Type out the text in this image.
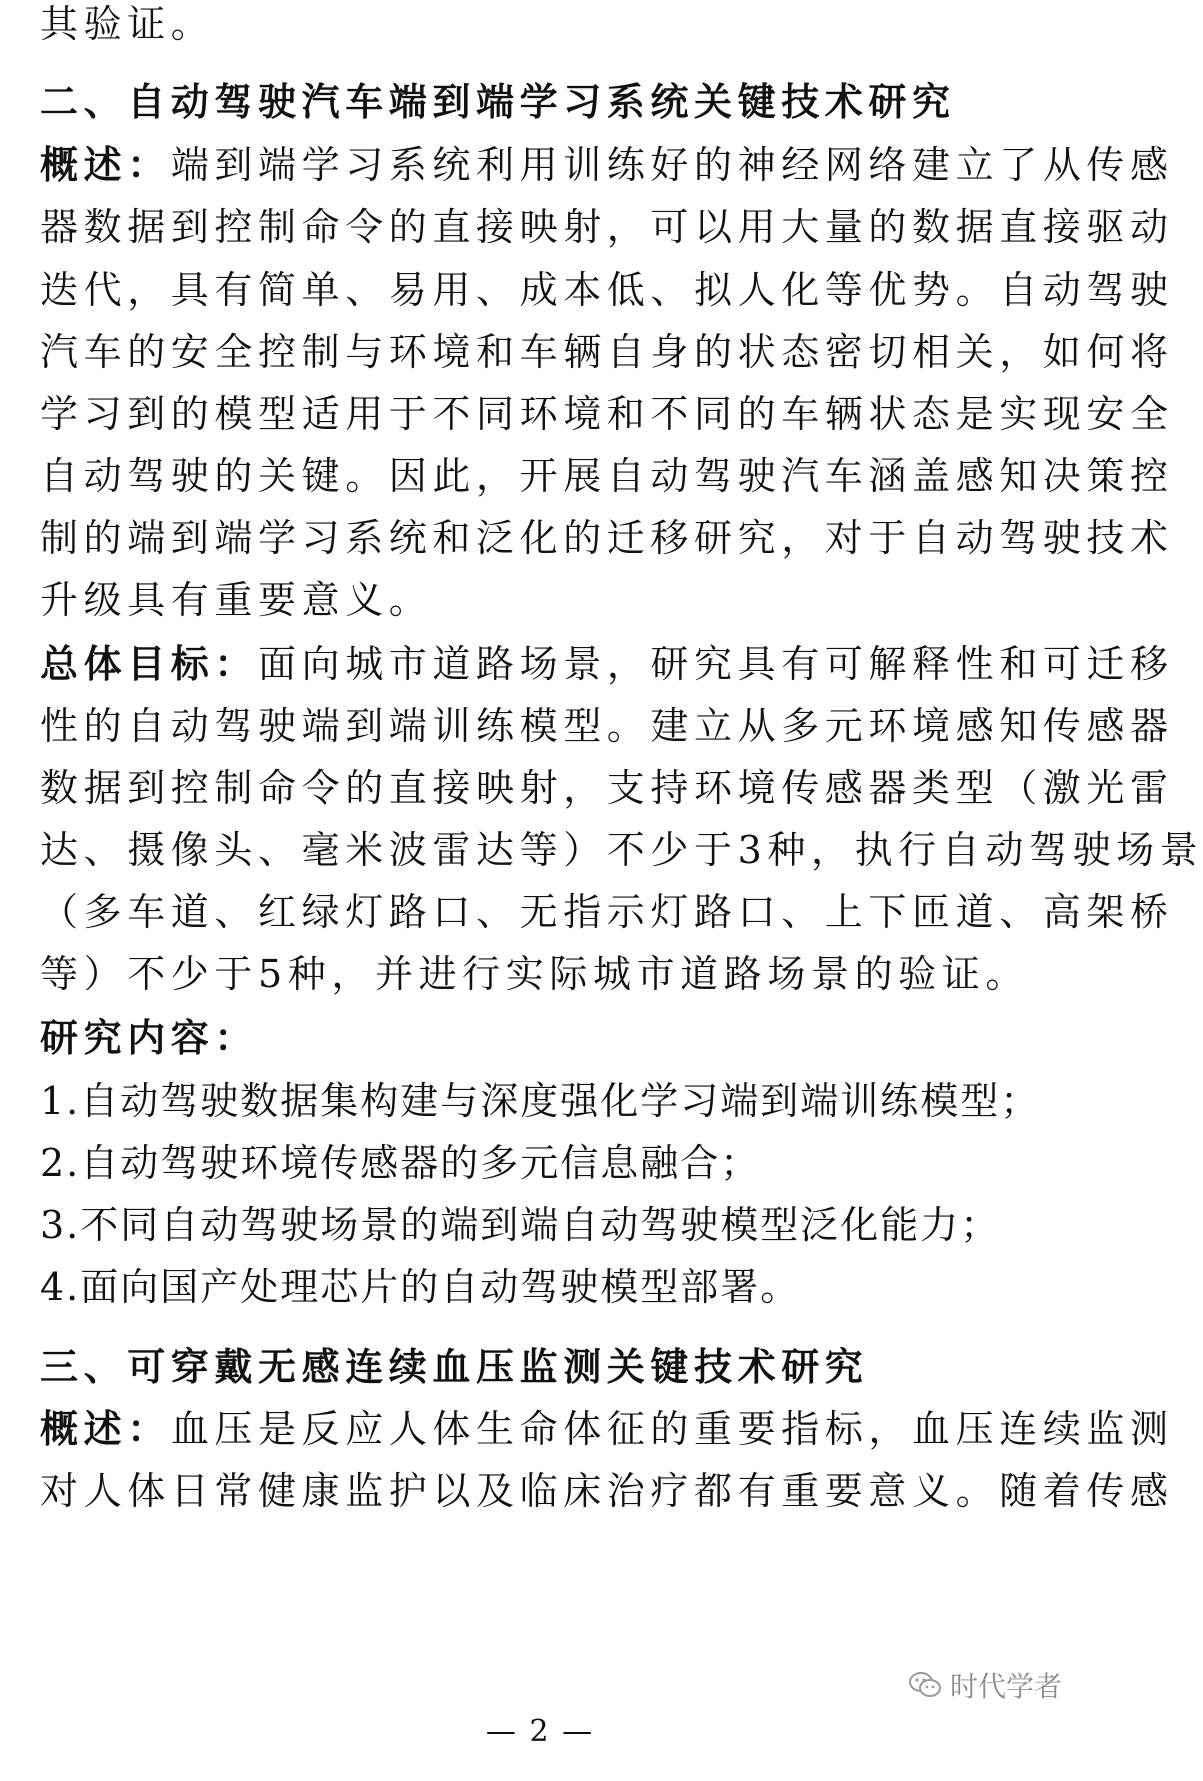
其验证。
二、自动驾驶汽车端到端学习系统关键技术研究
概述：端到端学习系统利用训练好的神经网络建立了从传感
器数据到控制命令的直接映射，可以用大量的数据直接驱动
迭代，具有简单、易用、成本低、拟人化等优势。自动驾驶
汽车的安全控制与环境和车辆自身的状态密切相关，如何将
学习到的模型适用于不同环境和不同的车辆状态是实现安全
自动驾驶的关键。因此，开展自动驾驶汽车涵盖感知决策控
制的端到端学习系统和泛化的迁移研究，对于自动驾驶技术
升级具有重要意义。
总体目标：面向城市道路场景，研究具有可解释性和可迁移
性的自动驾驶端到端训练模型。建立从多元环境感知传感器
数据到控制命令的直接映射，支持环境传感器类型（激光雷
达、摄像头、毫米波雷达等）不少于3种，执行自动驾驶场景
（多车道、红绿灯路口、无指示灯路口、上下匝道、高架桥
等）不少于5种，并进行实际城市道路场景的验证。
研究内容：
1.自动驾驶数据集构建与深度强化学习端到端训练模型；
2.自动驾驶环境传感器的多元信息融合；
3.不同自动驾驶场景的端到端自动驾驶模型泛化能力；
4.面向国产处理芯片的自动驾驶模型部署。
三、可穿戴无感连续血压监测关键技术研究
概述：血压是反应人体生命体征的重要指标，血压连续监测
对人体日常健康监护以及临床治疗都有重要意义。随着传感
时代学者
— 2 —
